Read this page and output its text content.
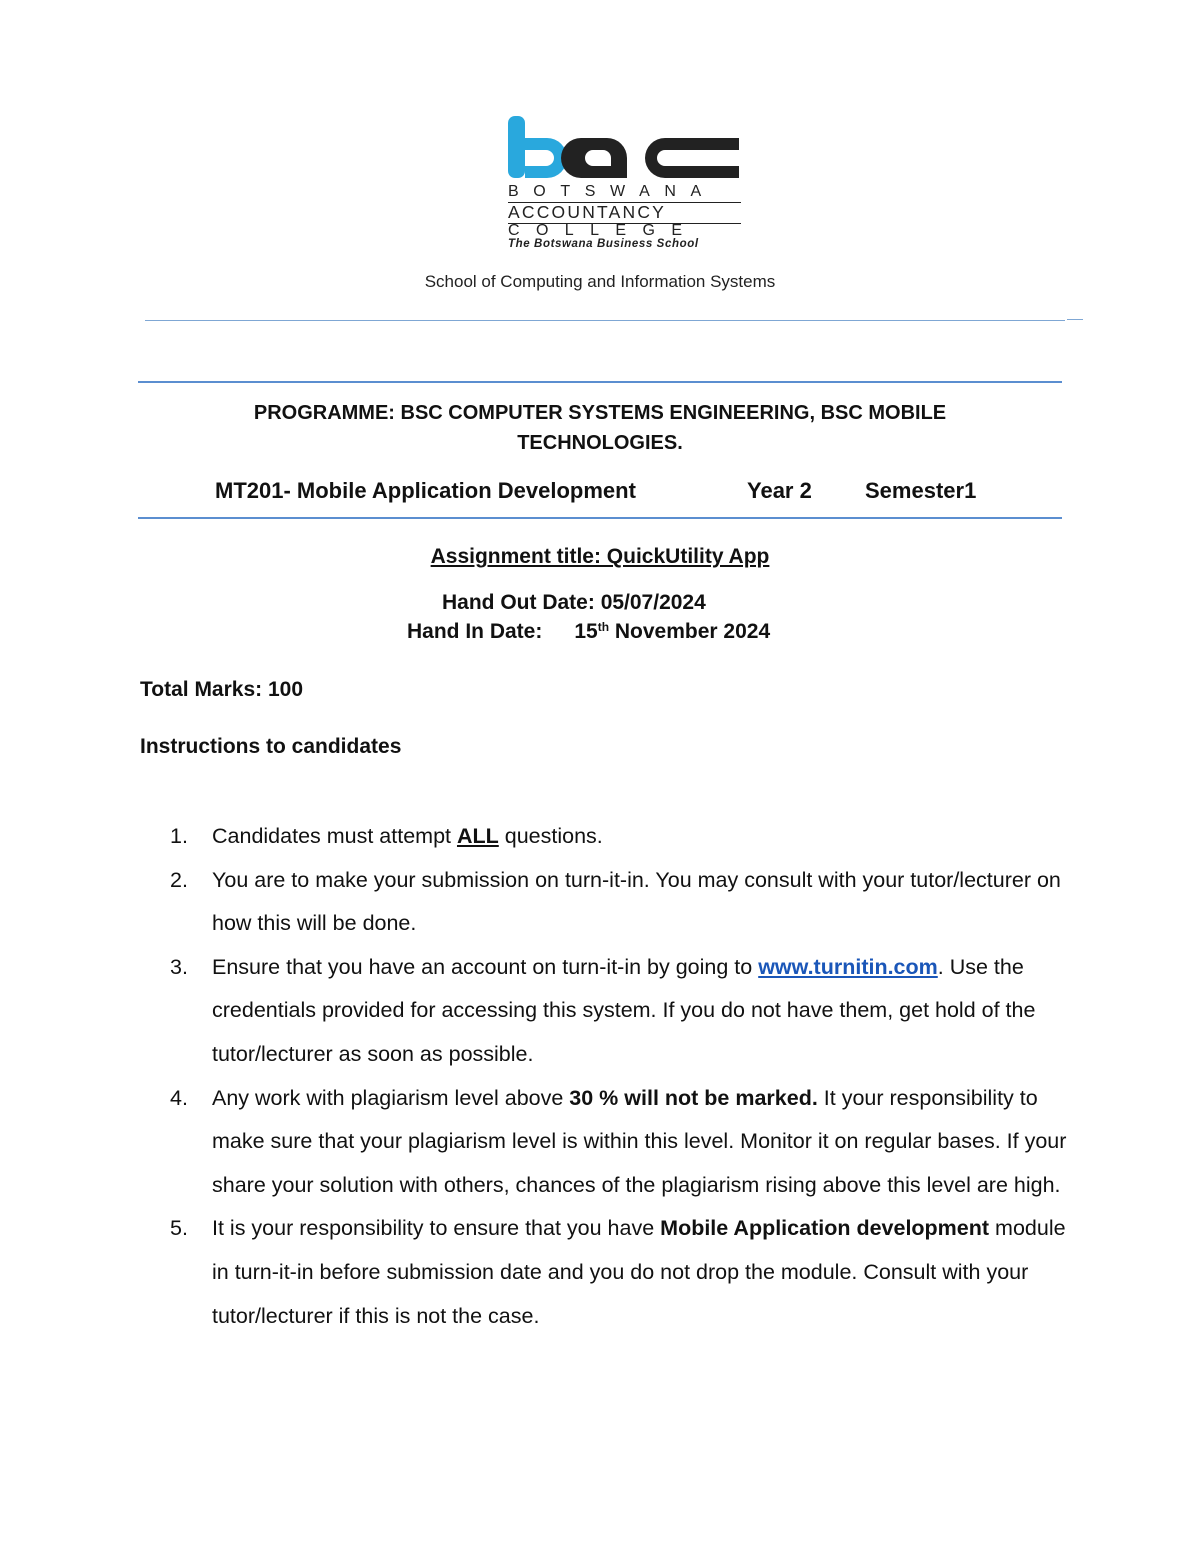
BOTSWANA
ACCOUNTANCY
COLLEGE
The Botswana Business School
School of Computing and Information Systems
PROGRAMME: BSC COMPUTER SYSTEMS ENGINEERING, BSC MOBILE TECHNOLOGIES.
MT201- Mobile Application Development	Year 2 Semester1
Assignment title: QuickUtility App
Hand Out Date: 05/07/2024
Hand In Date: 15th November 2024
Total Marks: 100
Instructions to candidates
1. Candidates must attempt ALL questions.
2. You are to make your submission on turn-it-in. You may consult with your tutor/lecturer on how this will be done.
3. Ensure that you have an account on turn-it-in by going to www.turnitin.com. Use the credentials provided for accessing this system. If you do not have them, get hold of the tutor/lecturer as soon as possible.
4. Any work with plagiarism level above 30 % will not be marked. It your responsibility to make sure that your plagiarism level is within this level. Monitor it on regular bases. If your share your solution with others, chances of the plagiarism rising above this level are high.
5. It is your responsibility to ensure that you have Mobile Application development module in turn-it-in before submission date and you do not drop the module. Consult with your tutor/lecturer if this is not the case.
